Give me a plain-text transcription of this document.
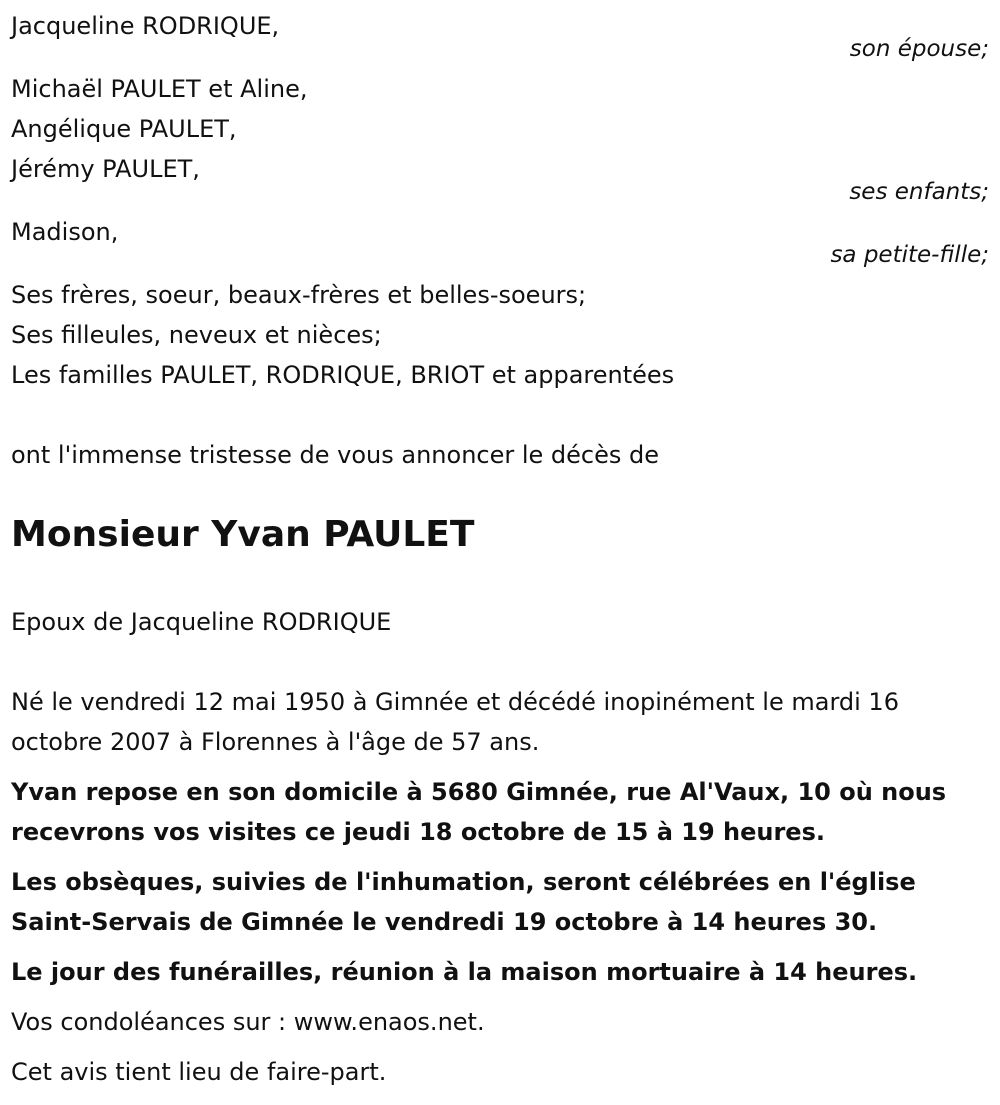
Jacqueline RODRIQUE,

son épouse;

Michaël PAULET et Aline,

Angélique PAULET,

Jérémy PAULET,

ses enfants;

Madison,

sa petite-fille;

Ses frères, soeur, beaux-frères et belles-soeurs;

Ses filleules, neveux et nièces;

Les familles PAULET, RODRIQUE, BRIOT et apparentées

ont l'immense tristesse de vous annoncer le décès de

Monsieur Yvan PAULET

Epoux de Jacqueline RODRIQUE

Né le vendredi 12 mai 1950 à Gimnée et décédé inopinément le mardi 16 octobre 2007 à Florennes à l'âge de 57 ans.

Yvan repose en son domicile à 5680 Gimnée, rue Al'Vaux, 10 où nous recevrons vos visites ce jeudi 18 octobre de 15 à 19 heures.

Les obsèques, suivies de l'inhumation, seront célébrées en l'église Saint-Servais de Gimnée le vendredi 19 octobre à 14 heures 30.

Le jour des funérailles, réunion à la maison mortuaire à 14 heures.

Vos condoléances sur : www.enaos.net.

Cet avis tient lieu de faire-part.
